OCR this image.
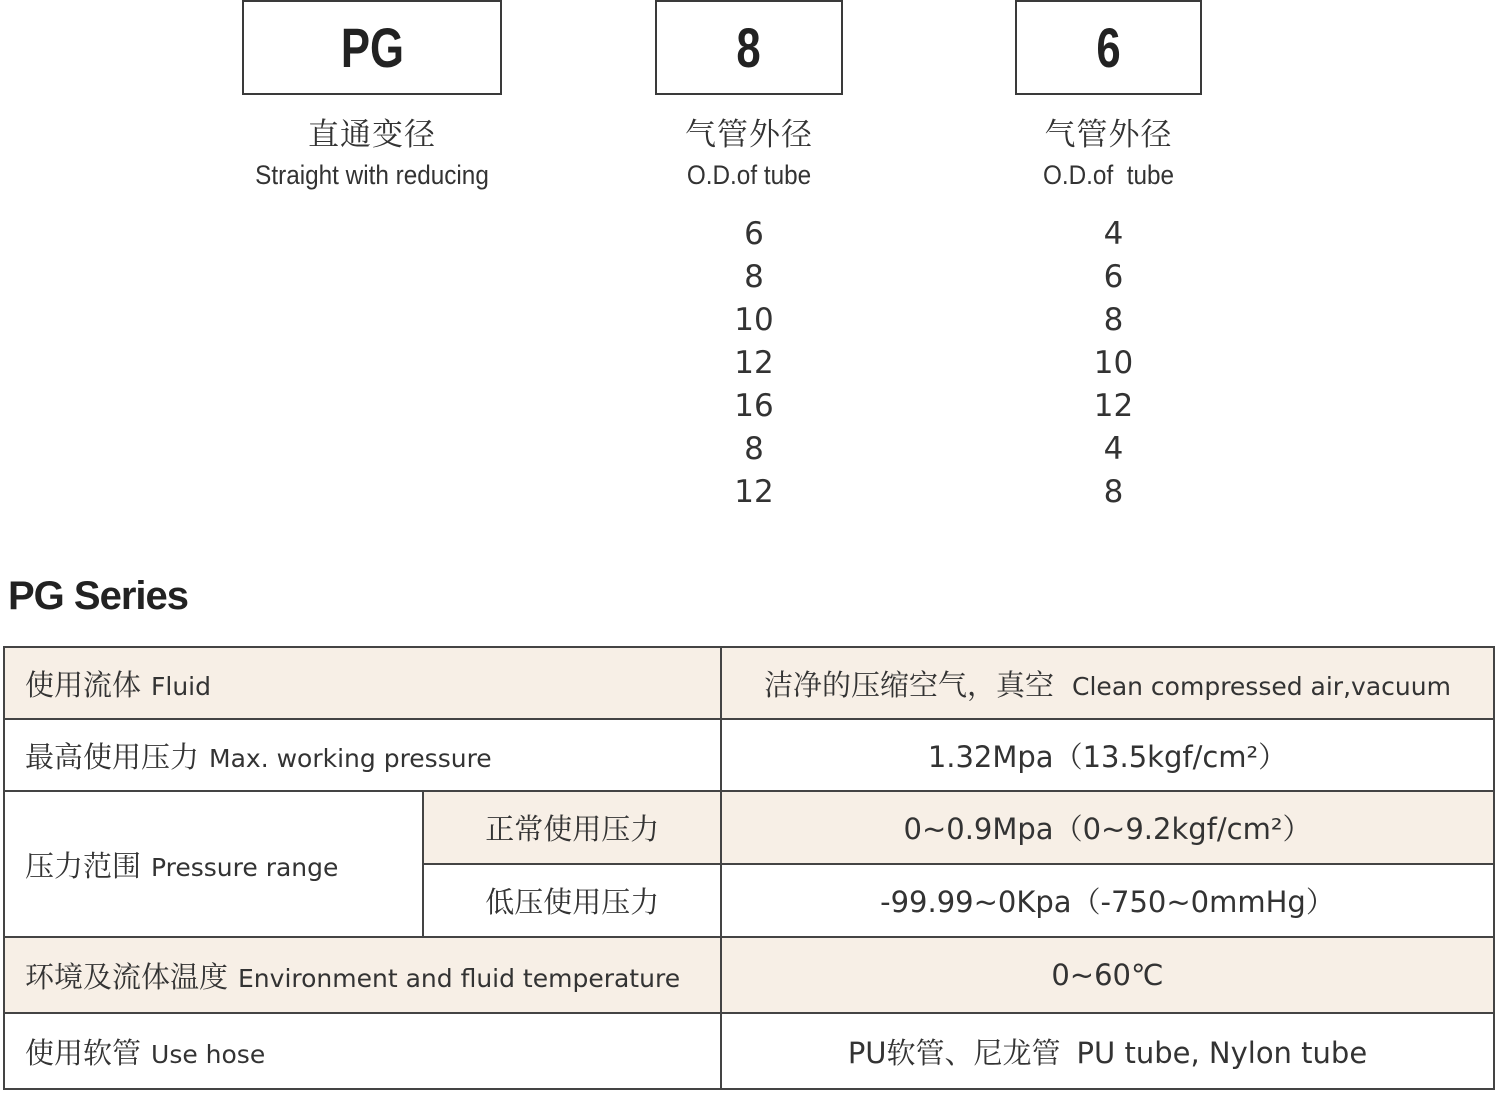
PG
直通变径
Straight with reducing
8
气管外径
O.D.of tube
6
8
10
12
16
8
12
6
气管外径
O.D.of  tube
4
6
8
10
12
4
8
PG Series
使用流体 Fluid		洁净的压缩空气，真空 Clean compressed air,vacuum
最高使用压力 Max. working pressure		1.32Mpa（13.5kgf/cm²）
压力范围 Pressure range	正常使用压力	0~0.9Mpa（0~9.2kgf/cm²）
	低压使用压力	-99.99~0Kpa（-750~0mmHg）
环境及流体温度 Environment and fluid temperature		0~60℃
使用软管 Use hose		PU软管、尼龙管 PU tube, Nylon tube
